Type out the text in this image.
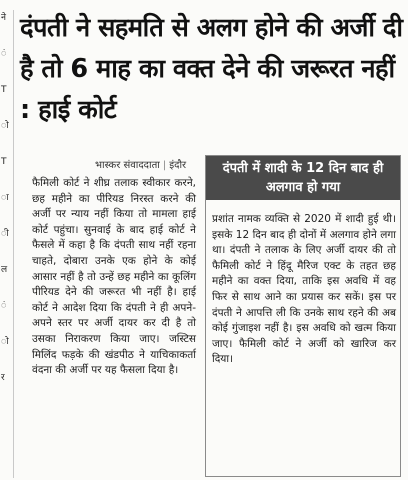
ने
ं
T
ो
T
ा
ी
ल
ं
ो
र
दंपती ने सहमति से अलग होने की अर्जी दी है तो 6 माह का वक्त देने की जरूरत नहीं : हाई कोर्ट
भास्कर संवाददाता | इंदौर

फैमिली कोर्ट ने शीघ्र तलाक स्वीकार करने, छह महीने का पीरियड निरस्त करने की अर्जी पर न्याय नहीं किया तो मामला हाई कोर्ट पहुंचा। सुनवाई के बाद हाई कोर्ट ने फैसले में कहा है कि दंपती साथ नहीं रहना चाहते, दोबारा उनके एक होने के कोई आसार नहीं है तो उन्हें छह महीने का कूलिंग पीरियड देने की जरूरत भी नहीं है। हाई कोर्ट ने आदेश दिया कि दंपती ने ही अपने-अपने स्तर पर अर्जी दायर कर दी है तो उसका निराकरण किया जाए। जस्टिस मिलिंद फड़के की खंडपीठ ने याचिकाकर्ता वंदना की अर्जी पर यह फैसला दिया है।

दंपती में शादी के 12 दिन बाद ही अलगाव हो गया

प्रशांत नामक व्यक्ति से 2020 में शादी हुई थी। इसके 12 दिन बाद ही दोनों में अलगाव होने लगा था। दंपती ने तलाक के लिए अर्जी दायर की तो फैमिली कोर्ट ने हिंदू मैरिज एक्ट के तहत छह महीने का वक्त दिया, ताकि इस अवधि में वह फिर से साथ आने का प्रयास कर सकें। इस पर दंपती ने आपत्ति ली कि उनके साथ रहने की अब कोई गुंजाइश नहीं है। इस अवधि को खत्म किया जाए। फैमिली कोर्ट ने अर्जी को खारिज कर दिया।
